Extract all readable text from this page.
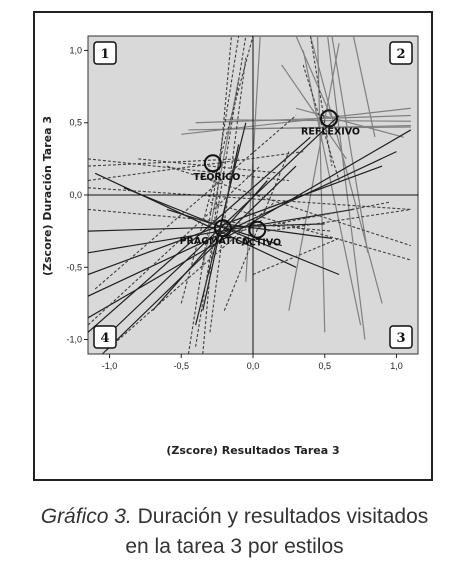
-1,0	-0,5	0,0	0,5	1,0
1,0
0,5
0,0
-0,5
-1,0
1	2
3
4
REFLEXIVO
TEÓRICO
PRAGMÁTICO
ACTIVO
(Zscore) Resultados Tarea 3
(Zscore) Duración Tarea 3
Gráfico 3. Duración y resultados visitados
en la tarea 3 por estilos
